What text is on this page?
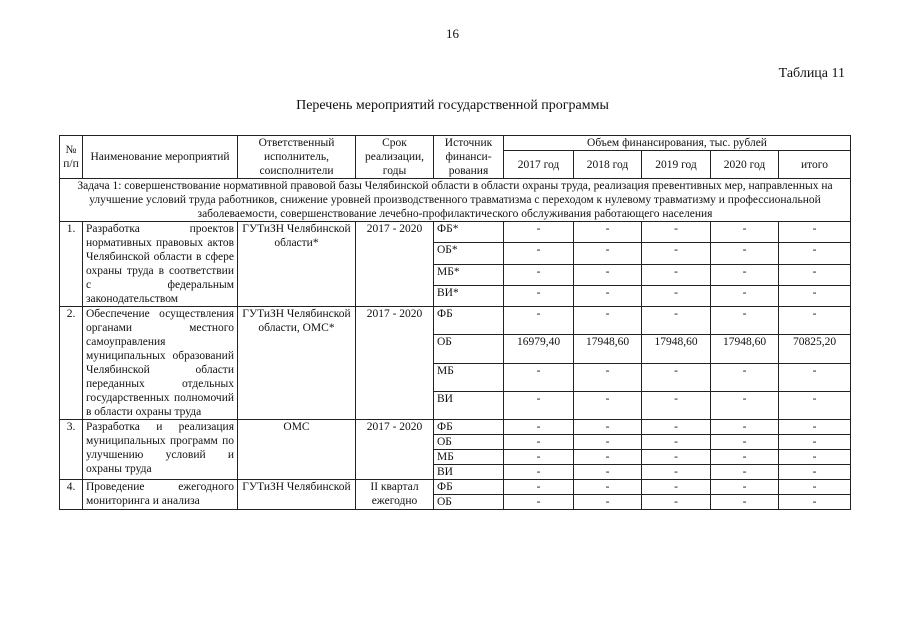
16
Таблица 11
Перечень мероприятий государственной программы
№ п/п	Наименование мероприятий	Ответственный исполнитель, соисполнители	Срок реализации, годы	Источник финанси-рования	Объем финансирования, тыс. рублей				
					2017 год	2018 год	2019 год	2020 год	итого
Задача 1: совершенствование нормативной правовой базы Челябинской области в области охраны труда, реализация превентивных мер, направленных на улучшение условий труда работников, снижение уровней производственного травматизма с переходом к нулевому травматизму и профессиональной заболеваемости, совершенствование лечебно-профилактического обслуживания работающего населения									
1.	Разработка проектов нормативных правовых актов Челябинской области в сфере охраны труда в соответствии с федеральным законодательством	ГУТиЗН Челябинской области*	2017 - 2020	ФБ*	-	-	-	-	-
				ОБ*	-	-	-	-	-
				МБ*	-	-	-	-	-
				ВИ*	-	-	-	-	-
2.	Обеспечение осуществления органами местного самоуправления муниципальных образований Челябинской области переданных отдельных государственных полномочий в области охраны труда	ГУТиЗН Челябинской области, ОМС*	2017 - 2020	ФБ	-	-	-	-	-
				ОБ	16979,40	17948,60	17948,60	17948,60	70825,20
				МБ	-	-	-	-	-
				ВИ	-	-	-	-	-
3.	Разработка и реализация муниципальных программ по улучшению условий и охраны труда	ОМС	2017 - 2020	ФБ	-	-	-	-	-
				ОБ	-	-	-	-	-
				МБ	-	-	-	-	-
				ВИ	-	-	-	-	-
4.	Проведение ежегодного мониторинга и анализа	ГУТиЗН Челябинской	II квартал ежегодно	ФБ	-	-	-	-	-
				ОБ	-	-	-	-	-
